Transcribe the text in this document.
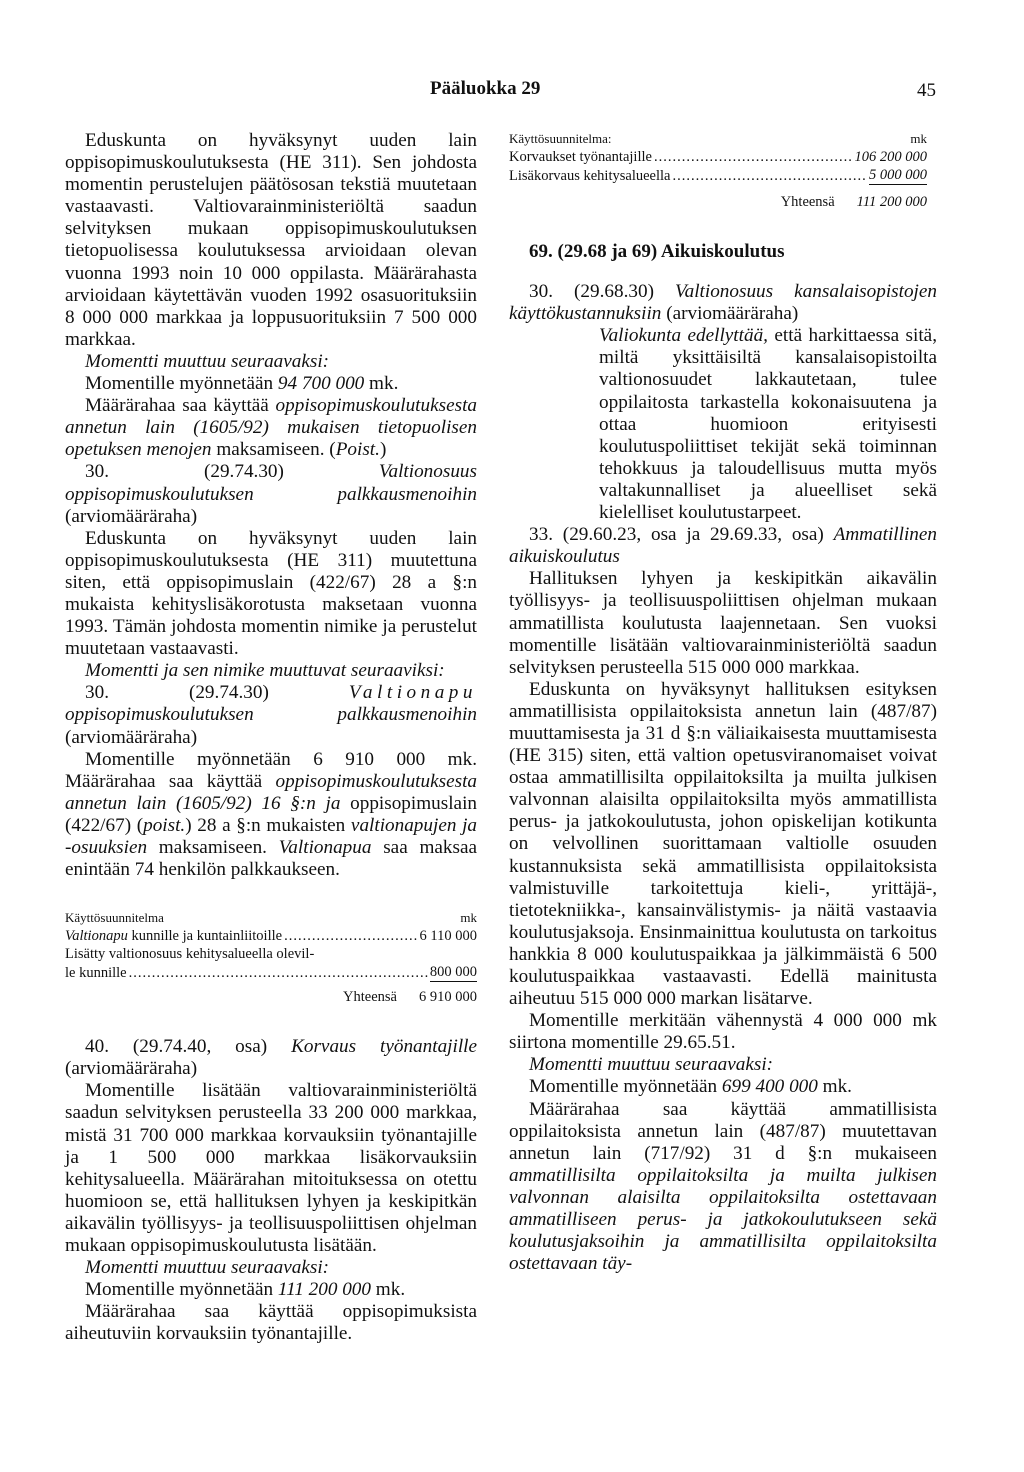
Pääluokka 29	45

Eduskunta on hyväksynyt uuden lain oppisopimuskoulutuksesta (HE 311). Sen johdosta momentin perustelujen päätösosan tekstiä muutetaan vastaavasti. Valtiovarainministeriöltä saadun selvityksen mukaan oppisopimuskoulutuksen tietopuolisessa koulutuksessa arvioidaan olevan vuonna 1993 noin 10 000 oppilasta. Määrärahasta arvioidaan käytettävän vuoden 1992 osasuorituksiin 8 000 000 markkaa ja loppusuorituksiin 7 500 000 markkaa.

Momentti muuttuu seuraavaksi:

Momentille myönnetään 94 700 000 mk.

Määrärahaa saa käyttää oppisopimuskoulutuksesta annetun lain (1605/92) mukaisen tietopuolisen opetuksen menojen maksamiseen. (Poist.)

30. (29.74.30) Valtionosuus oppisopimuskoulutuksen palkkausmenoihin (arviomääräraha)

Eduskunta on hyväksynyt uuden lain oppisopimuskoulutuksesta (HE 311) muutettuna siten, että oppisopimuslain (422/67) 28 a §:n mukaista kehityslisäkorotusta maksetaan vuonna 1993. Tämän johdosta momentin nimike ja perustelut muutetaan vastaavasti.

Momentti ja sen nimike muuttuvat seuraaviksi:

30. (29.74.30) Valtionapu oppisopimuskoulutuksen palkkausmenoihin (arviomääräraha)

Momentille myönnetään 6 910 000 mk. Määrärahaa saa käyttää oppisopimuskoulutuksesta annetun lain (1605/92) 16 §:n ja oppisopimuslain (422/67) (poist.) 28 a §:n mukaisten valtionapujen ja -osuuksien maksamiseen. Valtionapua saa maksaa enintään 74 henkilön palkkaukseen.

Käyttösuunnitelma	mk
Valtionapu kunnille ja kuntainliitoille .....	6 110 000
Lisätty valtionosuus kehitysalueella olevil-
le kunnille .....	800 000
Yhteensä 6 910 000

40. (29.74.40, osa) Korvaus työnantajille (arviomääräraha)

Momentille lisätään valtiovarainministeriöltä saadun selvityksen perusteella 33 200 000 markkaa, mistä 31 700 000 markkaa korvauksiin työnantajille ja 1 500 000 markkaa lisäkorvauksiin kehitysalueella. Määrärahan mitoituksessa on otettu huomioon se, että hallituksen lyhyen ja keskipitkän aikavälin työllisyys- ja teollisuuspoliittisen ohjelman mukaan oppisopimuskoulutusta lisätään.

Momentti muuttuu seuraavaksi:

Momentille myönnetään 111 200 000 mk.

Määrärahaa saa käyttää oppisopimuksista aiheutuviin korvauksiin työnantajille.

Käyttösuunnitelma:	mk
Korvaukset työnantajille .....	106 200 000
Lisäkorvaus kehitysalueella .....	5 000 000
Yhteensä 111 200 000
69. (29.68 ja 69) Aikuiskoulutus

30. (29.68.30) Valtionosuus kansalaisopistojen käyttökustannuksiin (arviomääräraha)

Valiokunta edellyttää, että harkittaessa sitä, miltä yksittäisiltä kansalaisopistoilta valtionosuudet lakkautetaan, tulee oppilaitosta tarkastella kokonaisuutena ja ottaa huomioon erityisesti koulutuspoliittiset tekijät sekä toiminnan tehokkuus ja taloudellisuus mutta myös valtakunnalliset ja alueelliset sekä kielelliset koulutustarpeet.

33. (29.60.23, osa ja 29.69.33, osa) Ammatillinen aikuiskoulutus

Hallituksen lyhyen ja keskipitkän aikavälin työllisyys- ja teollisuuspoliittisen ohjelman mukaan ammatillista koulutusta laajennetaan. Sen vuoksi momentille lisätään valtiovarainministeriöltä saadun selvityksen perusteella 515 000 000 markkaa.

Eduskunta on hyväksynyt hallituksen esityksen ammatillisista oppilaitoksista annetun lain (487/87) muuttamisesta ja 31 d §:n väliaikaisesta muuttamisesta (HE 315) siten, että valtion opetusviranomaiset voivat ostaa ammatillisilta oppilaitoksilta ja muilta julkisen valvonnan alaisilta oppilaitoksilta myös ammatillista perus- ja jatkokoulutusta, johon opiskelijan kotikunta on velvollinen suorittamaan valtiolle osuuden kustannuksista sekä ammatillisista oppilaitoksista valmistuville tarkoitettuja kieli-, yrittäjä-, tietotekniikka-, kansainvälistymis- ja näitä vastaavia koulutusjaksoja. Ensinmainittua koulutusta on tarkoitus hankkia 8 000 koulutuspaikkaa ja jälkimmäistä 6 500 koulutuspaikkaa vastaavasti. Edellä mainitusta aiheutuu 515 000 000 markan lisätarve.

Momentille merkitään vähennystä 4 000 000 mk siirtona momentille 29.65.51.

Momentti muuttuu seuraavaksi:

Momentille myönnetään 699 400 000 mk.

Määrärahaa saa käyttää ammatillisista oppilaitoksista annetun lain (487/87) muutettavan annetun lain (717/92) 31 d §:n mukaiseen ammatillisilta oppilaitoksilta ja muilta julkisen valvonnan alaisilta oppilaitoksilta ostettavaan ammatilliseen perus- ja jatkokoulutukseen sekä koulutusjaksoihin ja ammatillisilta oppilaitoksilta ostettavaan täy-
